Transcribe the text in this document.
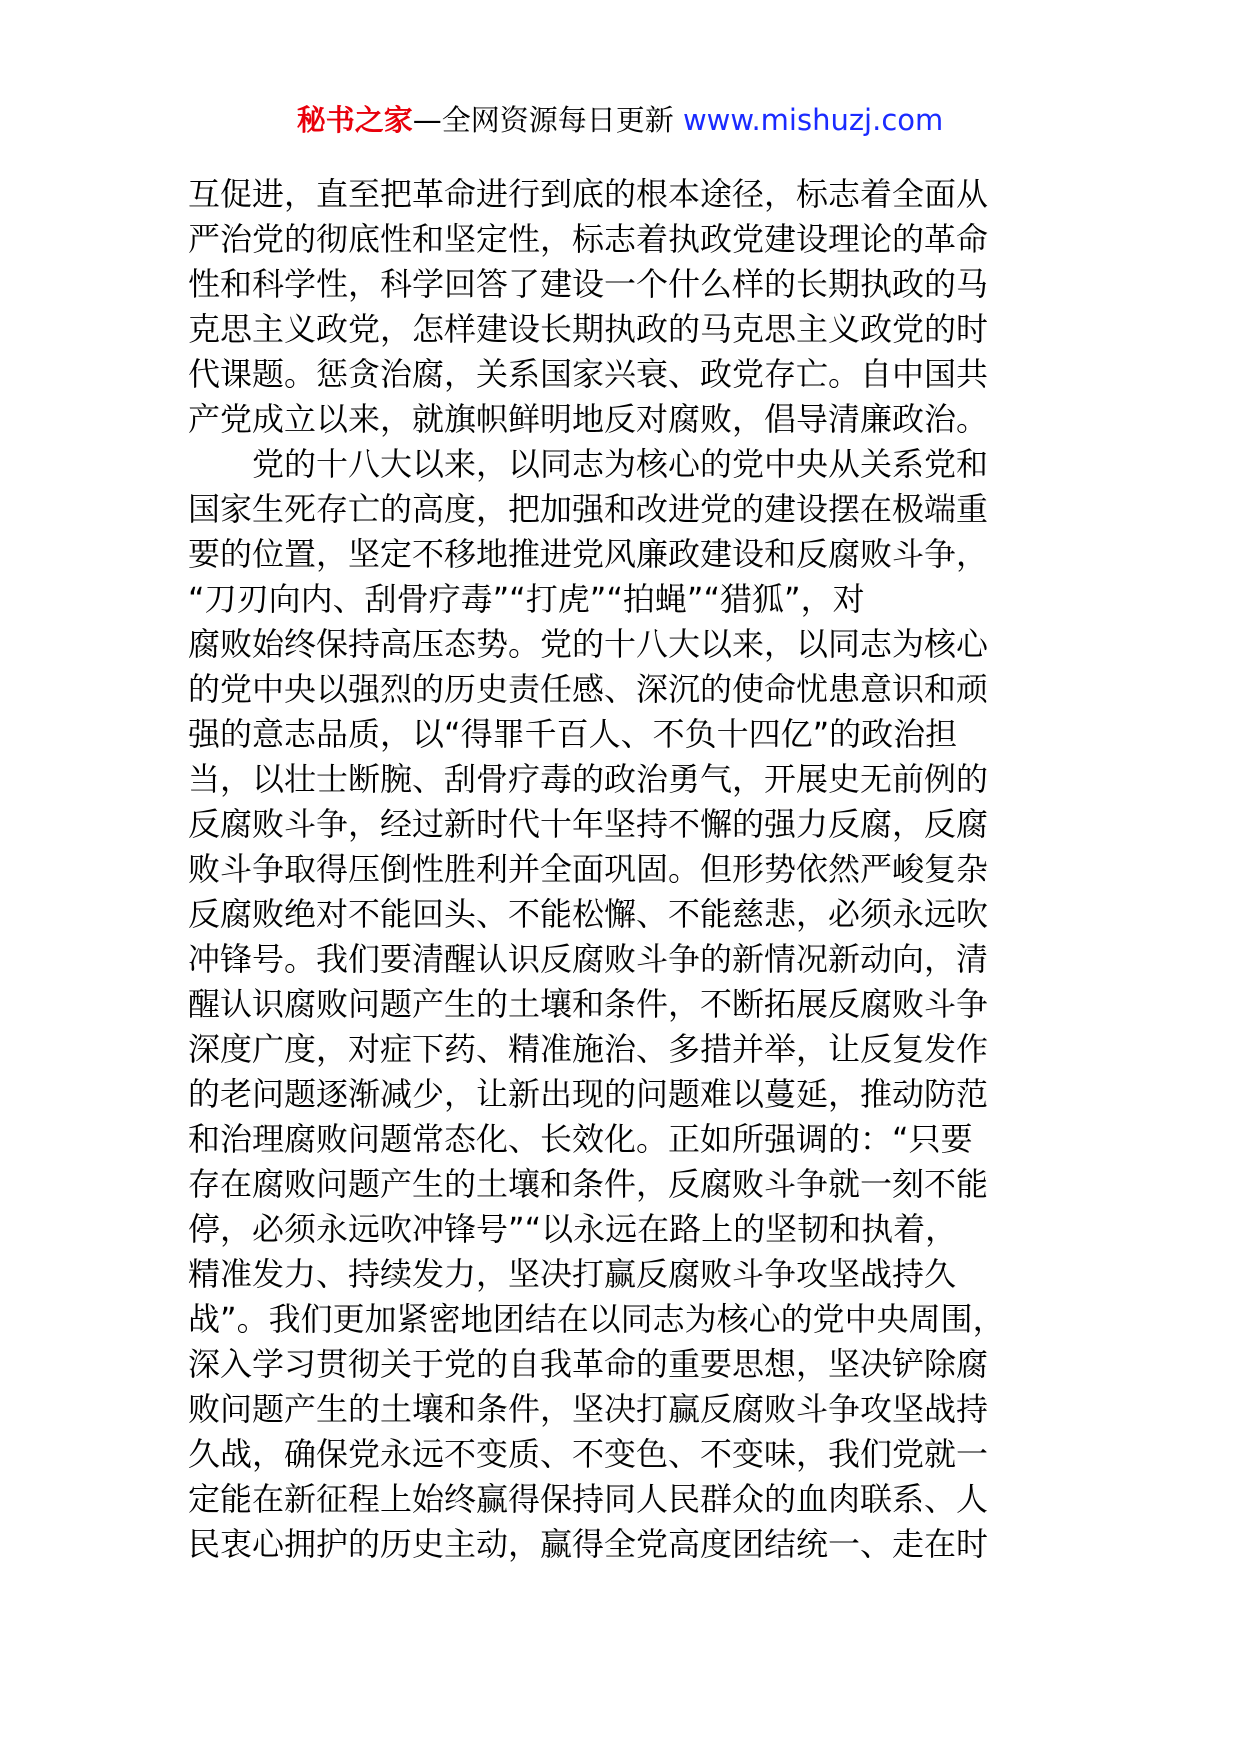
秘书之家—全网资源每日更新 www.mishuzj.com
互促进，直至把革命进行到底的根本途径，标志着全面从
严治党的彻底性和坚定性，标志着执政党建设理论的革命
性和科学性，科学回答了建设一个什么样的长期执政的马
克思主义政党，怎样建设长期执政的马克思主义政党的时
代课题。惩贪治腐，关系国家兴衰、政党存亡。自中国共
产党成立以来，就旗帜鲜明地反对腐败，倡导清廉政治。
党的十八大以来，以同志为核心的党中央从关系党和
国家生死存亡的高度，把加强和改进党的建设摆在极端重
要的位置，坚定不移地推进党风廉政建设和反腐败斗争，
“刀刃向内、刮骨疗毒”“打虎”“拍蝇”“猎狐”，对
腐败始终保持高压态势。党的十八大以来，以同志为核心
的党中央以强烈的历史责任感、深沉的使命忧患意识和顽
强的意志品质，以“得罪千百人、不负十四亿”的政治担
当，以壮士断腕、刮骨疗毒的政治勇气，开展史无前例的
反腐败斗争，经过新时代十年坚持不懈的强力反腐，反腐
败斗争取得压倒性胜利并全面巩固。但形势依然严峻复杂
反腐败绝对不能回头、不能松懈、不能慈悲，必须永远吹
冲锋号。我们要清醒认识反腐败斗争的新情况新动向，清
醒认识腐败问题产生的土壤和条件，不断拓展反腐败斗争
深度广度，对症下药、精准施治、多措并举，让反复发作
的老问题逐渐减少，让新出现的问题难以蔓延，推动防范
和治理腐败问题常态化、长效化。正如所强调的：“只要
存在腐败问题产生的土壤和条件，反腐败斗争就一刻不能
停，必须永远吹冲锋号”“以永远在路上的坚韧和执着，
精准发力、持续发力，坚决打赢反腐败斗争攻坚战持久
战”。我们更加紧密地团结在以同志为核心的党中央周围，
深入学习贯彻关于党的自我革命的重要思想，坚决铲除腐
败问题产生的土壤和条件，坚决打赢反腐败斗争攻坚战持
久战，确保党永远不变质、不变色、不变味，我们党就一
定能在新征程上始终赢得保持同人民群众的血肉联系、人
民衷心拥护的历史主动，赢得全党高度团结统一、走在时
